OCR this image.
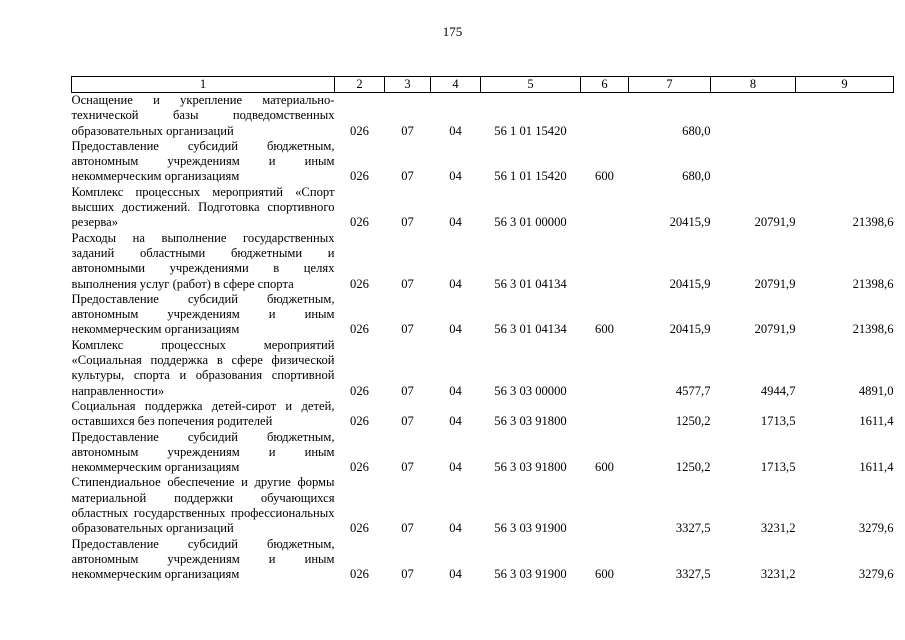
175
1	2	3	4	5	6	7	8	9
Оснащение и укрепление материально-технической базы подведомственных образовательных организаций	026	07	04	56 1 01 15420		680,0		
Предоставление субсидий бюджетным, автономным учреждениям и иным некоммерческим организациям	026	07	04	56 1 01 15420	600	680,0		
Комплекс процессных мероприятий «Спорт высших достижений. Подготовка спортивного резерва»	026	07	04	56 3 01 00000		20415,9	20791,9	21398,6
Расходы на выполнение государственных заданий областными бюджетными и автономными учреждениями в целях выполнения услуг (работ) в сфере спорта	026	07	04	56 3 01 04134		20415,9	20791,9	21398,6
Предоставление субсидий бюджетным, автономным учреждениям и иным некоммерческим организациям	026	07	04	56 3 01 04134	600	20415,9	20791,9	21398,6
Комплекс процессных мероприятий «Социальная поддержка в сфере физической культуры, спорта и образования спортивной направленности»	026	07	04	56 3 03 00000		4577,7	4944,7	4891,0
Социальная поддержка детей-сирот и детей, оставшихся без попечения родителей	026	07	04	56 3 03 91800		1250,2	1713,5	1611,4
Предоставление субсидий бюджетным, автономным учреждениям и иным некоммерческим организациям	026	07	04	56 3 03 91800	600	1250,2	1713,5	1611,4
Стипендиальное обеспечение и другие формы материальной поддержки обучающихся областных государственных профессиональных образовательных организаций	026	07	04	56 3 03 91900		3327,5	3231,2	3279,6
Предоставление субсидий бюджетным, автономным учреждениям и иным некоммерческим организациям	026	07	04	56 3 03 91900	600	3327,5	3231,2	3279,6
